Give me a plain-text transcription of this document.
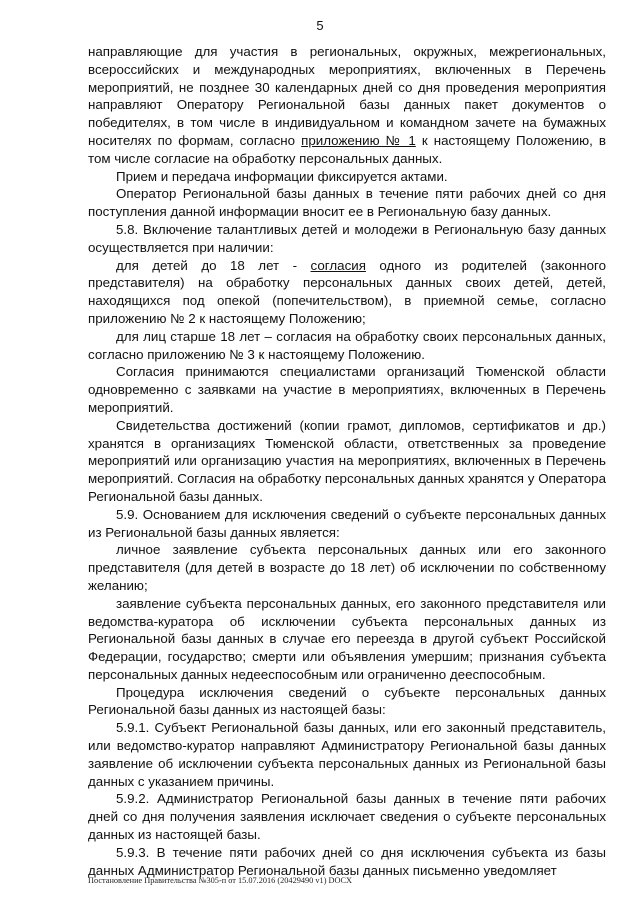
5

направляющие для участия в региональных, окружных, межрегиональных, всероссийских и международных мероприятиях, включенных в Перечень мероприятий, не позднее 30 календарных дней со дня проведения мероприятия направляют Оператору Региональной базы данных пакет документов о победителях, в том числе в индивидуальном и командном зачете на бумажных носителях по формам, согласно приложению № 1 к настоящему Положению, в том числе согласие на обработку персональных данных.

Прием и передача информации фиксируется актами.

Оператор Региональной базы данных в течение пяти рабочих дней со дня поступления данной информации вносит ее в Региональную базу данных.

5.8. Включение талантливых детей и молодежи в Региональную базу данных осуществляется при наличии:

для детей до 18 лет - согласия одного из родителей (законного представителя) на обработку персональных данных своих детей, детей, находящихся под опекой (попечительством), в приемной семье, согласно приложению № 2 к настоящему Положению;

для лиц старше 18 лет – согласия на обработку своих персональных данных, согласно приложению № 3 к настоящему Положению.

Согласия принимаются специалистами организаций Тюменской области одновременно с заявками на участие в мероприятиях, включенных в Перечень мероприятий.

Свидетельства достижений (копии грамот, дипломов, сертификатов и др.) хранятся в организациях Тюменской области, ответственных за проведение мероприятий или организацию участия на мероприятиях, включенных в Перечень мероприятий. Согласия на обработку персональных данных хранятся у Оператора Региональной базы данных.

5.9. Основанием для исключения сведений о субъекте персональных данных из Региональной базы данных является:

личное заявление субъекта персональных данных или его законного представителя (для детей в возрасте до 18 лет) об исключении по собственному желанию;

заявление субъекта персональных данных, его законного представителя или ведомства-куратора об исключении субъекта персональных данных из Региональной базы данных в случае его переезда в другой субъект Российской Федерации, государство; смерти или объявления умершим; признания субъекта персональных данных недееспособным или ограниченно дееспособным.

Процедура исключения сведений о субъекте персональных данных Региональной базы данных из настоящей базы:

5.9.1. Субъект Региональной базы данных, или его законный представитель, или ведомство-куратор направляют Администратору Региональной базы данных заявление об исключении субъекта персональных данных из Региональной базы данных с указанием причины.

5.9.2. Администратор Региональной базы данных в течение пяти рабочих дней со дня получения заявления исключает сведения о субъекте персональных данных из настоящей базы.

5.9.3. В течение пяти рабочих дней со дня исключения субъекта из базы данных Администратор Региональной базы данных письменно уведомляет

Постановление Правительства №305-п от 15.07.2016 (20429490 v1) DOCX
